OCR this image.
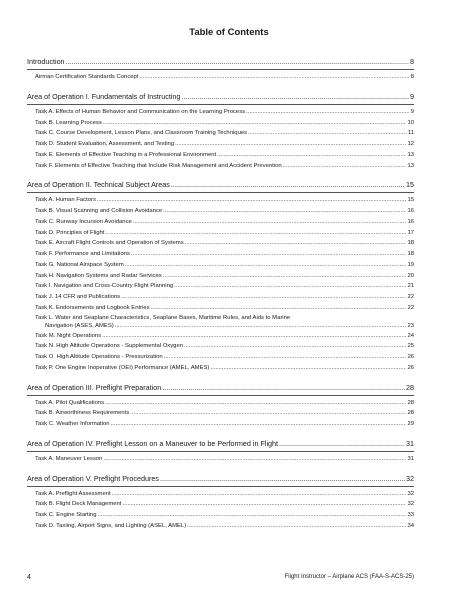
Table of Contents
Introduction .....	8
Airman Certification Standards Concept .....	8
Area of Operation I. Fundamentals of Instructing .....	9
Task A. Effects of Human Behavior and Communication on the Learning Process .....	9
Task B. Learning Process .....	10
Task C. Course Development, Lesson Plans, and Classroom Training Techniques .....	11
Task D. Student Evaluation, Assessment, and Testing .....	12
Task E. Elements of Effective Teaching in a Professional Environment .....	13
Task F. Elements of Effective Teaching that Include Risk Management and Accident Prevention .....	13
Area of Operation II. Technical Subject Areas .....	15
Task A. Human Factors .....	15
Task B. Visual Scanning and Collision Avoidance .....	16
Task C. Runway Incursion Avoidance .....	16
Task D. Principles of Flight .....	17
Task E. Aircraft Flight Controls and Operation of Systems .....	18
Task F. Performance and Limitations .....	18
Task G. National Airspace System .....	19
Task H. Navigation Systems and Radar Services .....	20
Task I. Navigation and Cross-Country Flight Planning .....	21
Task J. 14 CFR and Publications .....	22
Task K. Endorsements and Logbook Entries .....	22
Task L. Water and Seaplane Characteristics, Seaplane Bases, Maritime Rules, and Aids to Marine
Navigation (ASES, AMES) .....	23
Task M. Night Operations .....	24
Task N. High Altitude Operations - Supplemental Oxygen .....	25
Task O. High Altitude Operations - Pressurization .....	26
Task P. One Engine Inoperative (OEI) Performance (AMEL, AMES) .....	26
Area of Operation III. Preflight Preparation .....	28
Task A. Pilot Qualifications .....	28
Task B. Airworthiness Requirements .....	28
Task C. Weather Information .....	29
Area of Operation IV. Preflight Lesson on a Maneuver to be Performed in Flight .....	31
Task A. Maneuver Lesson .....	31
Area of Operation V. Preflight Procedures .....	32
Task A. Preflight Assessment .....	32
Task B. Flight Deck Management .....	32
Task C. Engine Starting .....	33
Task D. Taxiing, Airport Signs, and Lighting (ASEL, AMEL) .....	34
4	Flight Instructor – Airplane ACS (FAA-S-ACS-25)
